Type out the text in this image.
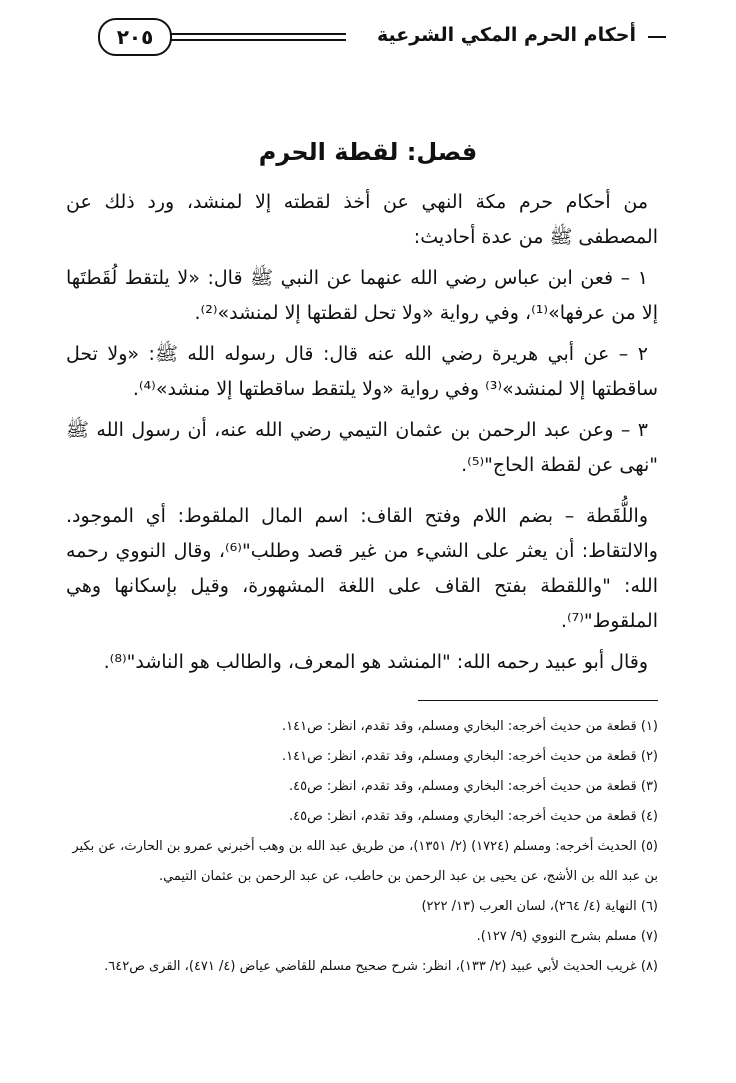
أحكام الحرم المكي الشرعية
٢٠٥
فصل: لقطة الحرم

من أحكام حرم مكة النهي عن أخذ لقطته إلا لمنشد، ورد ذلك عن المصطفى ﷺ من عدة أحاديث:

١ – فعن ابن عباس رضي الله عنهما عن النبي ﷺ قال: «لا يلتقط لُقَطتَها إلا من عرفها»⁽¹⁾، وفي رواية «ولا تحل لقطتها إلا لمنشد»⁽²⁾.

٢ – عن أبي هريرة رضي الله عنه قال: قال رسوله الله ﷺ: «ولا تحل ساقطتها إلا لمنشد»⁽³⁾ وفي رواية «ولا يلتقط ساقطتها إلا منشد»⁽⁴⁾.

٣ – وعن عبد الرحمن بن عثمان التيمي رضي الله عنه، أن رسول الله ﷺ "نهى عن لقطة الحاج"⁽⁵⁾.

واللُّقَطة – بضم اللام وفتح القاف: اسم المال الملقوط: أي الموجود. والالتقاط: أن يعثر على الشيء من غير قصد وطلب"⁽⁶⁾، وقال النووي رحمه الله: "واللقطة بفتح القاف على اللغة المشهورة، وقيل بإسكانها وهي الملقوط"⁽⁷⁾.

وقال أبو عبيد رحمه الله: "المنشد هو المعرف، والطالب هو الناشد"⁽⁸⁾.

(١) قطعة من حديث أخرجه: البخاري ومسلم، وقد تقدم، انظر: ص١٤١.

(٢) قطعة من حديث أخرجه: البخاري ومسلم، وقد تقدم، انظر: ص١٤١.

(٣) قطعة من حديث أخرجه: البخاري ومسلم، وقد تقدم، انظر: ص٤٥.

(٤) قطعة من حديث أخرجه: البخاري ومسلم، وقد تقدم، انظر: ص٤٥.

(٥) الحديث أخرجه: ومسلم (١٧٢٤) (٢/ ١٣٥١)، من طريق عبد الله بن وهب أخبرني عمرو بن الحارث، عن بكير بن عبد الله بن الأشج، عن يحيى بن عبد الرحمن بن حاطب، عن عبد الرحمن بن عثمان التيمي.

(٦) النهاية (٤/ ٢٦٤)، لسان العرب (١٣/ ٢٢٢)

(٧) مسلم بشرح النووي (٩/ ١٢٧).

(٨) غريب الحديث لأبي عبيد (٢/ ١٣٣)، انظر: شرح صحيح مسلم للقاضي عياض (٤/ ٤٧١)، القرى ص٦٤٢.
